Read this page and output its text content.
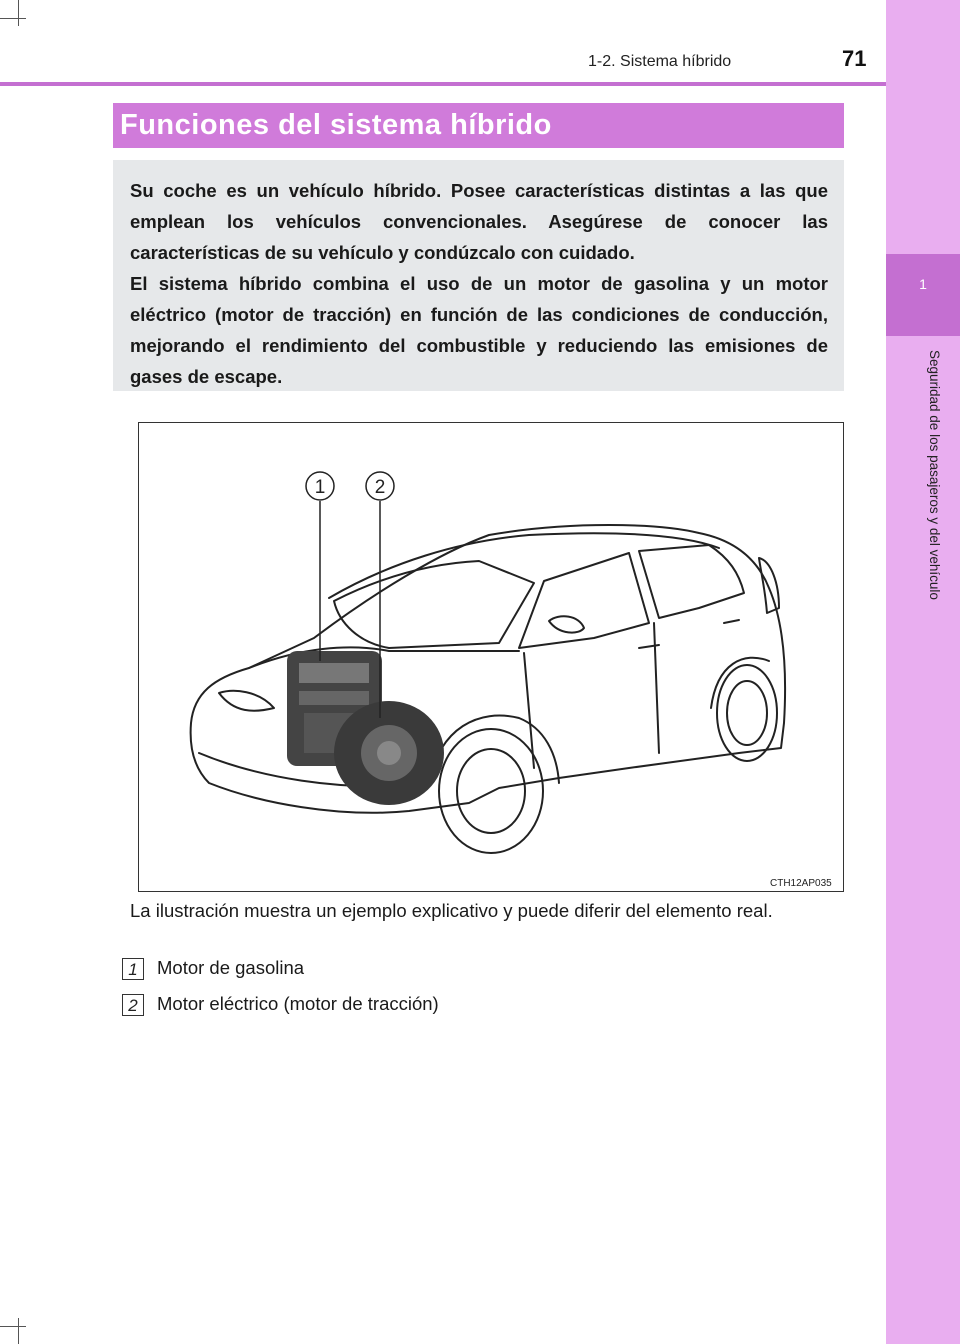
1
Seguridad de los pasajeros y del vehículo
1-2. Sistema híbrido	71
Funciones del sistema híbrido

Su coche es un vehículo híbrido. Posee características distintas a las que emplean los vehículos convencionales. Asegúrese de conocer las características de su vehículo y condúzcalo con cuidado.

El sistema híbrido combina el uso de un motor de gasolina y un motor eléctrico (motor de tracción) en función de las condiciones de conducción, mejorando el rendimiento del combustible y reduciendo las emisiones de gases de escape.

1	2
CTH12AP035

La ilustración muestra un ejemplo explicativo y puede diferir del elemento real.

1	Motor de gasolina
2	Motor eléctrico (motor de tracción)
